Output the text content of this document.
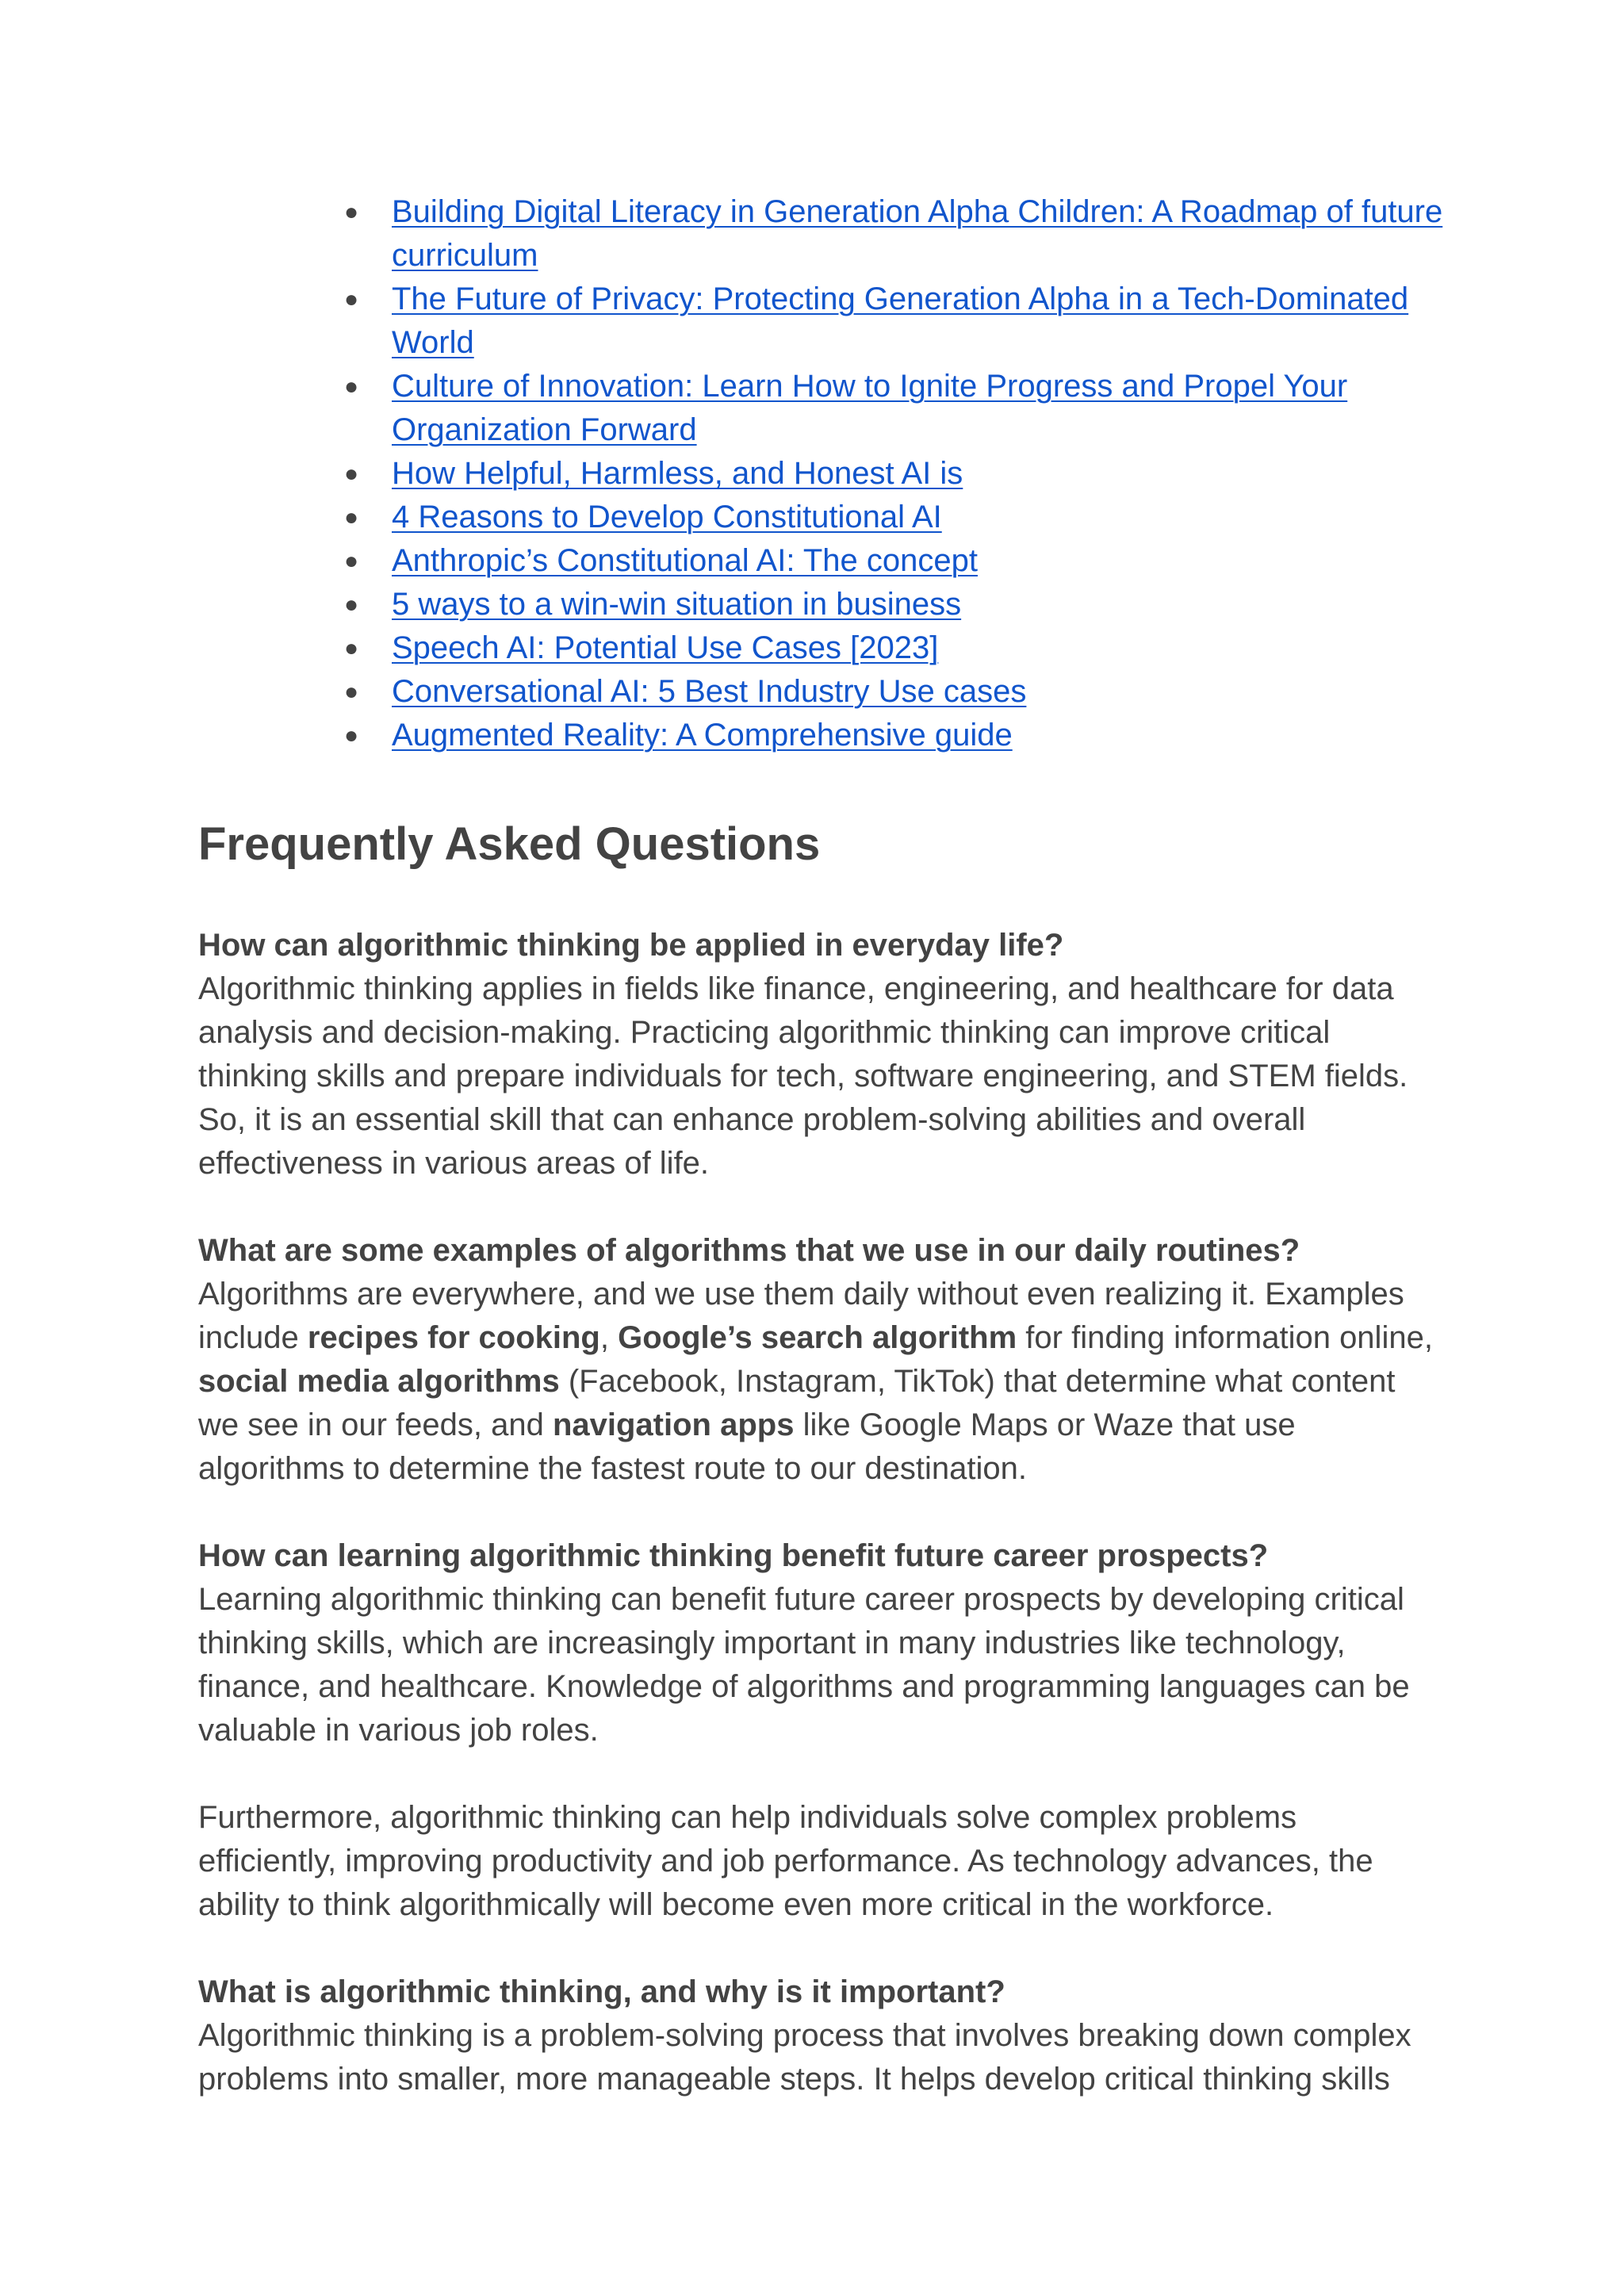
● Building Digital Literacy in Generation Alpha Children: A Roadmap of future curriculum
● The Future of Privacy: Protecting Generation Alpha in a Tech-Dominated World
● Culture of Innovation: Learn How to Ignite Progress and Propel Your Organization Forward
● How Helpful, Harmless, and Honest AI is
● 4 Reasons to Develop Constitutional AI
● Anthropic’s Constitutional AI: The concept
● 5 ways to a win-win situation in business
● Speech AI: Potential Use Cases [2023]
● Conversational AI: 5 Best Industry Use cases
● Augmented Reality: A Comprehensive guide
Frequently Asked Questions
How can algorithmic thinking be applied in everyday life?
Algorithmic thinking applies in fields like finance, engineering, and healthcare for data analysis and decision-making. Practicing algorithmic thinking can improve critical thinking skills and prepare individuals for tech, software engineering, and STEM fields. So, it is an essential skill that can enhance problem-solving abilities and overall effectiveness in various areas of life.
What are some examples of algorithms that we use in our daily routines?
Algorithms are everywhere, and we use them daily without even realizing it. Examples include recipes for cooking, Google’s search algorithm for finding information online, social media algorithms (Facebook, Instagram, TikTok) that determine what content we see in our feeds, and navigation apps like Google Maps or Waze that use algorithms to determine the fastest route to our destination.
How can learning algorithmic thinking benefit future career prospects?
Learning algorithmic thinking can benefit future career prospects by developing critical thinking skills, which are increasingly important in many industries like technology, finance, and healthcare. Knowledge of algorithms and programming languages can be valuable in various job roles.
Furthermore, algorithmic thinking can help individuals solve complex problems efficiently, improving productivity and job performance. As technology advances, the ability to think algorithmically will become even more critical in the workforce.
What is algorithmic thinking, and why is it important?
Algorithmic thinking is a problem-solving process that involves breaking down complex problems into smaller, more manageable steps. It helps develop critical thinking skills
